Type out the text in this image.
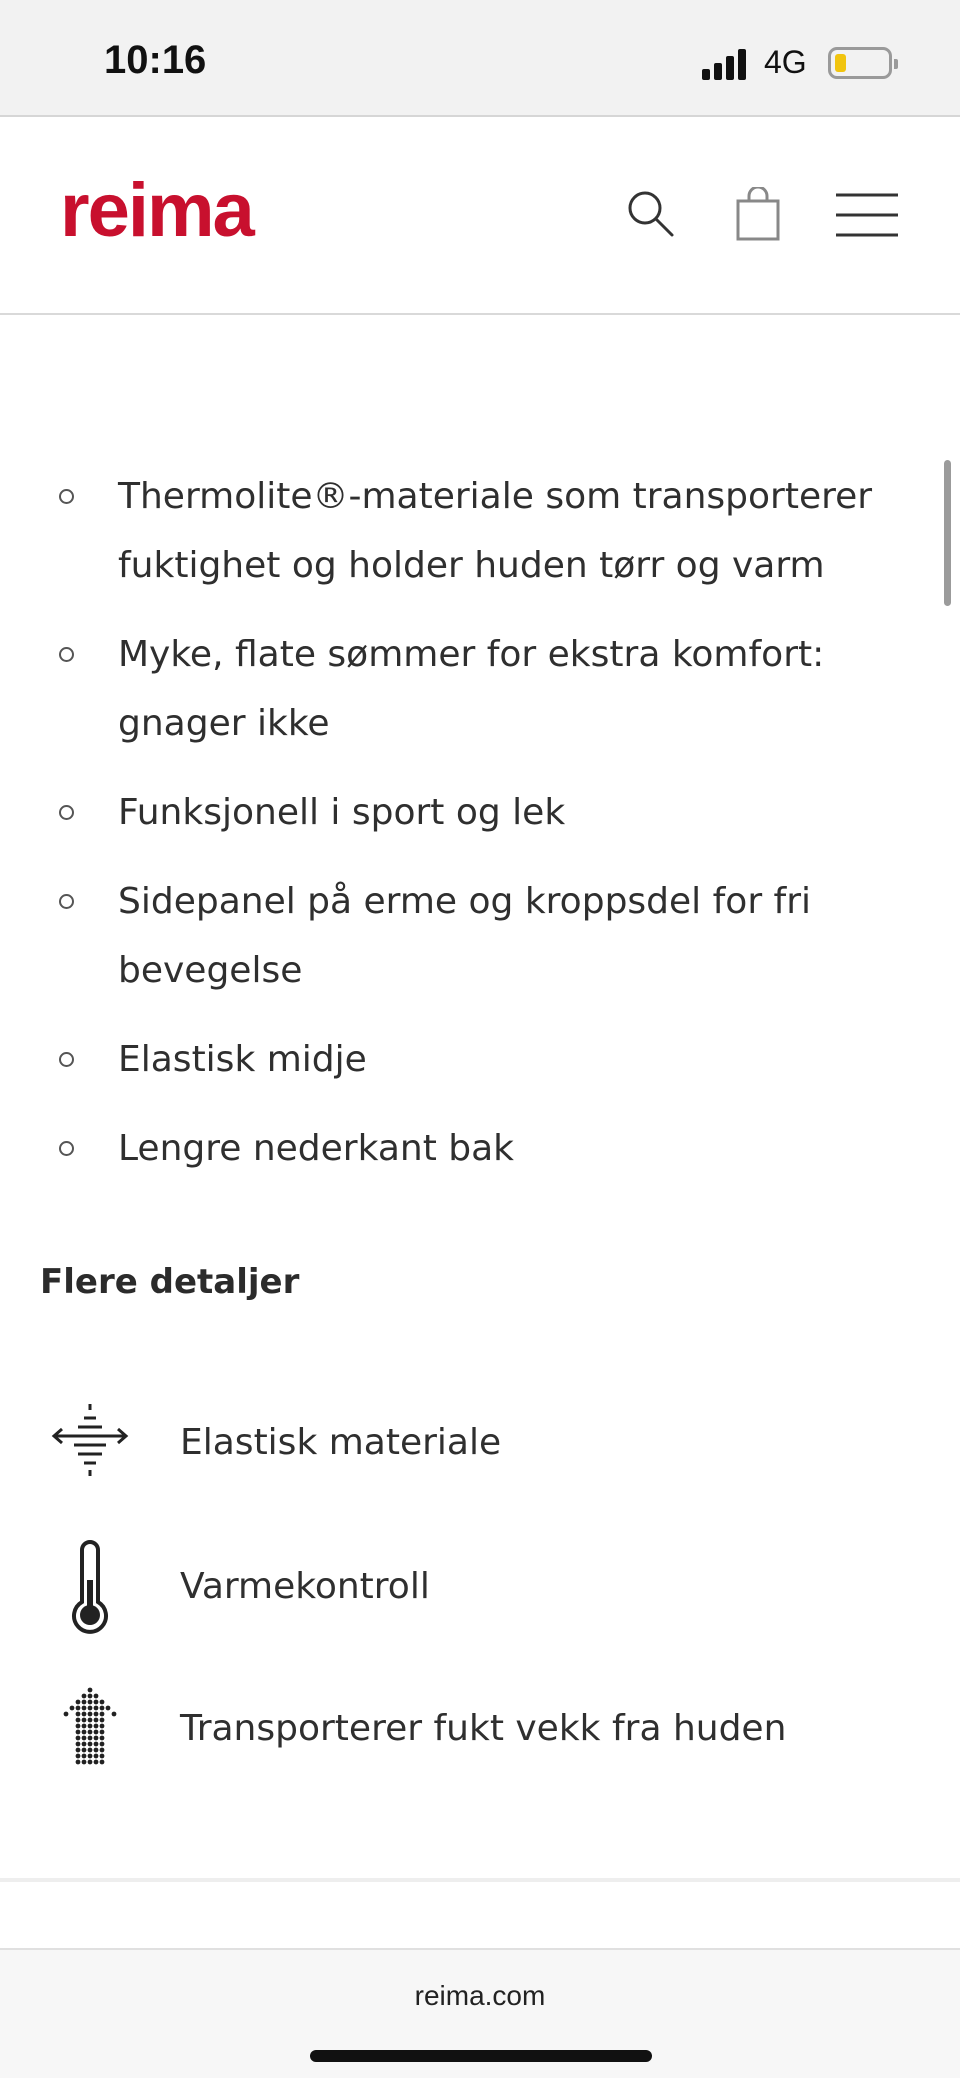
10:16	4G
reima
Thermolite®-materiale som transporterer fuktighet og holder huden tørr og varm
Myke, flate sømmer for ekstra komfort: gnager ikke
Funksjonell i sport og lek
Sidepanel på erme og kroppsdel for fri bevegelse
Elastisk midje
Lengre nederkant bak
Flere detaljer
Elastisk materiale
Varmekontroll
Transporterer fukt vekk fra huden
reima.com
